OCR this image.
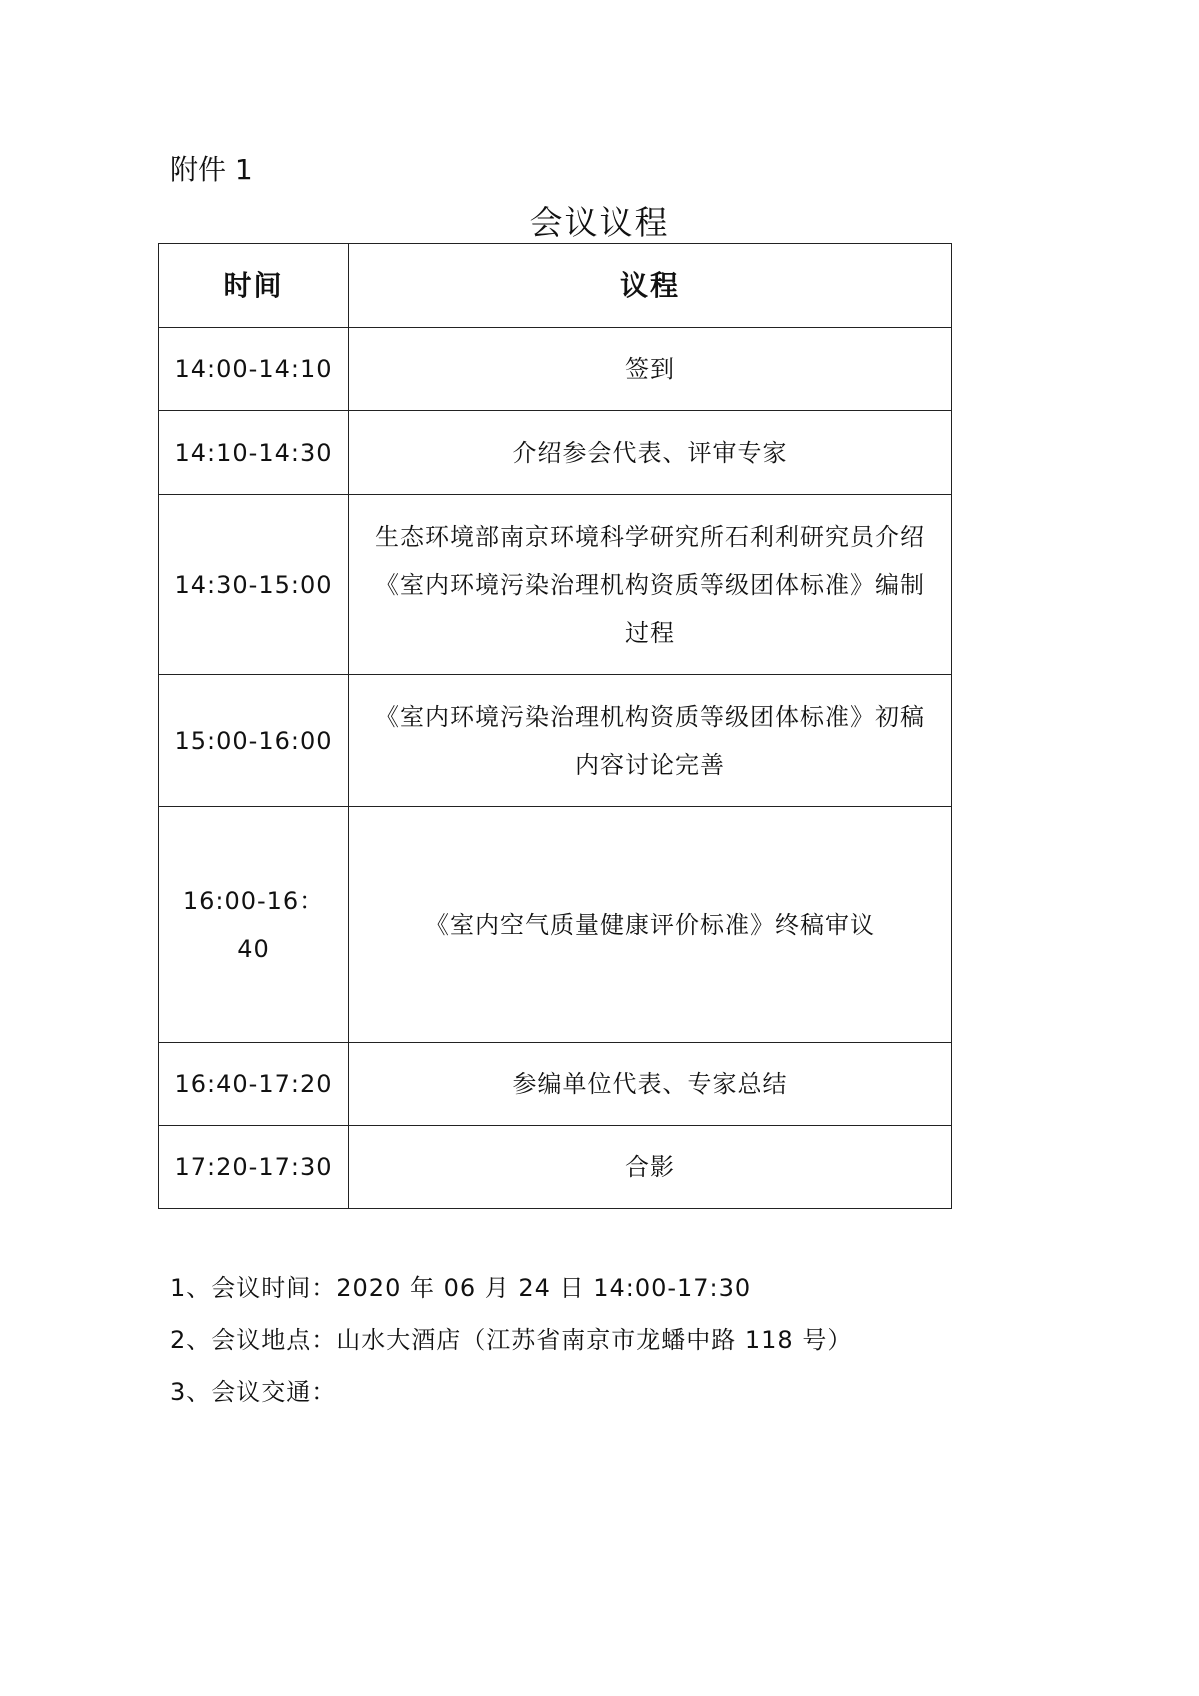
附件 1
会议议程
时间	议程
14:00-14:10	签到
14:10-14:30	介绍参会代表、评审专家
14:30-15:00	生态环境部南京环境科学研究所石利利研究员介绍《室内环境污染治理机构资质等级团体标准》编制过程
15:00-16:00	《室内环境污染治理机构资质等级团体标准》初稿内容讨论完善
16:00-16：40	《室内空气质量健康评价标准》终稿审议
16:40-17:20	参编单位代表、专家总结
17:20-17:30	合影
1、会议时间：2020 年 06 月 24 日 14:00-17:30
2、会议地点：山水大酒店（江苏省南京市龙蟠中路 118 号）
3、会议交通：
